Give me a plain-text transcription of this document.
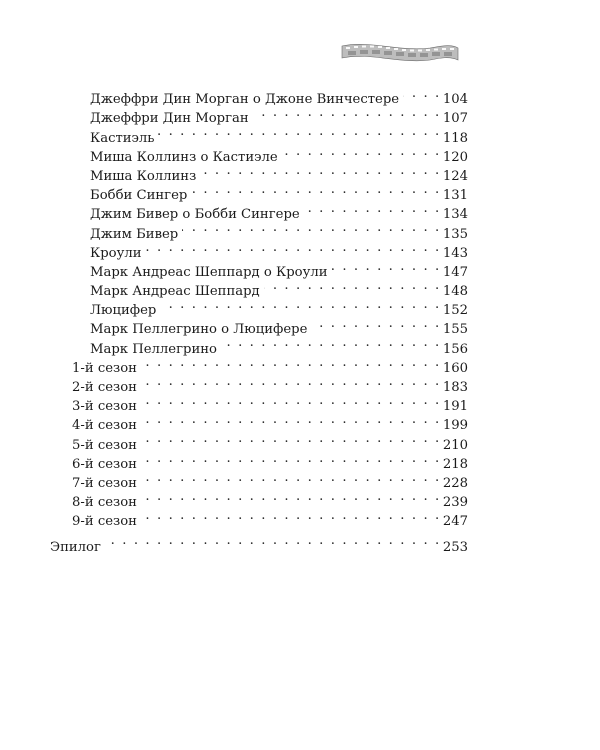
Джеффри Дин Морган о Джоне Винчестере . . .	104
Джеффри Дин Морган . . .	107
Кастиэль . . .	118
Миша Коллинз о Кастиэле . . .	120
Миша Коллинз . . .	124
Бобби Сингер . . .	131
Джим Бивер о Бобби Сингере . . .	134
Джим Бивер . . .	135
Кроули . . .	143
Марк Андреас Шеппард о Кроули . . .	147
Марк Андреас Шеппард . . .	148
Люцифер . . .	152
Марк Пеллегрино о Люцифере . . .	155
Марк Пеллегрино . . .	156
1-й сезон . . .	160
2-й сезон . . .	183
3-й сезон . . .	191
4-й сезон . . .	199
5-й сезон . . .	210
6-й сезон . . .	218
7-й сезон . . .	228
8-й сезон . . .	239
9-й сезон . . .	247
Эпилог . . .	253
